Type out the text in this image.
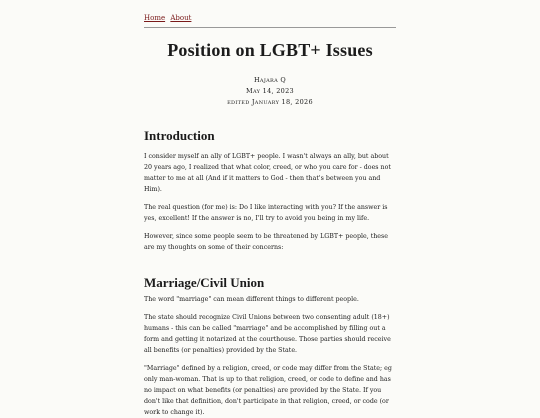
Home About
Position on LGBT+ Issues
Hajara Q
May 14, 2023
edited January 18, 2026
Introduction

I consider myself an ally of LGBT+ people. I wasn't always an ally, but about 20 years ago, I realized that what color, creed, or who you care for - does not matter to me at all (And if it matters to God - then that's between you and Him).

The real question (for me) is: Do I like interacting with you? If the answer is yes, excellent! If the answer is no, I'll try to avoid you being in my life.

However, since some people seem to be threatened by LGBT+ people, these are my thoughts on some of their concerns:

Marriage/Civil Union

The word "marriage" can mean different things to different people.

The state should recognize Civil Unions between two consenting adult (18+) humans - this can be called "marriage" and be accomplished by filling out a form and getting it notarized at the courthouse. Those parties should receive all benefits (or penalties) provided by the State.

"Marriage" defined by a religion, creed, or code may differ from the State; eg only man-woman. That is up to that religion, creed, or code to define and has no impact on what benefits (or penalties) are provided by the State. If you don't like that definition, don't participate in that religion, creed, or code (or work to change it).
